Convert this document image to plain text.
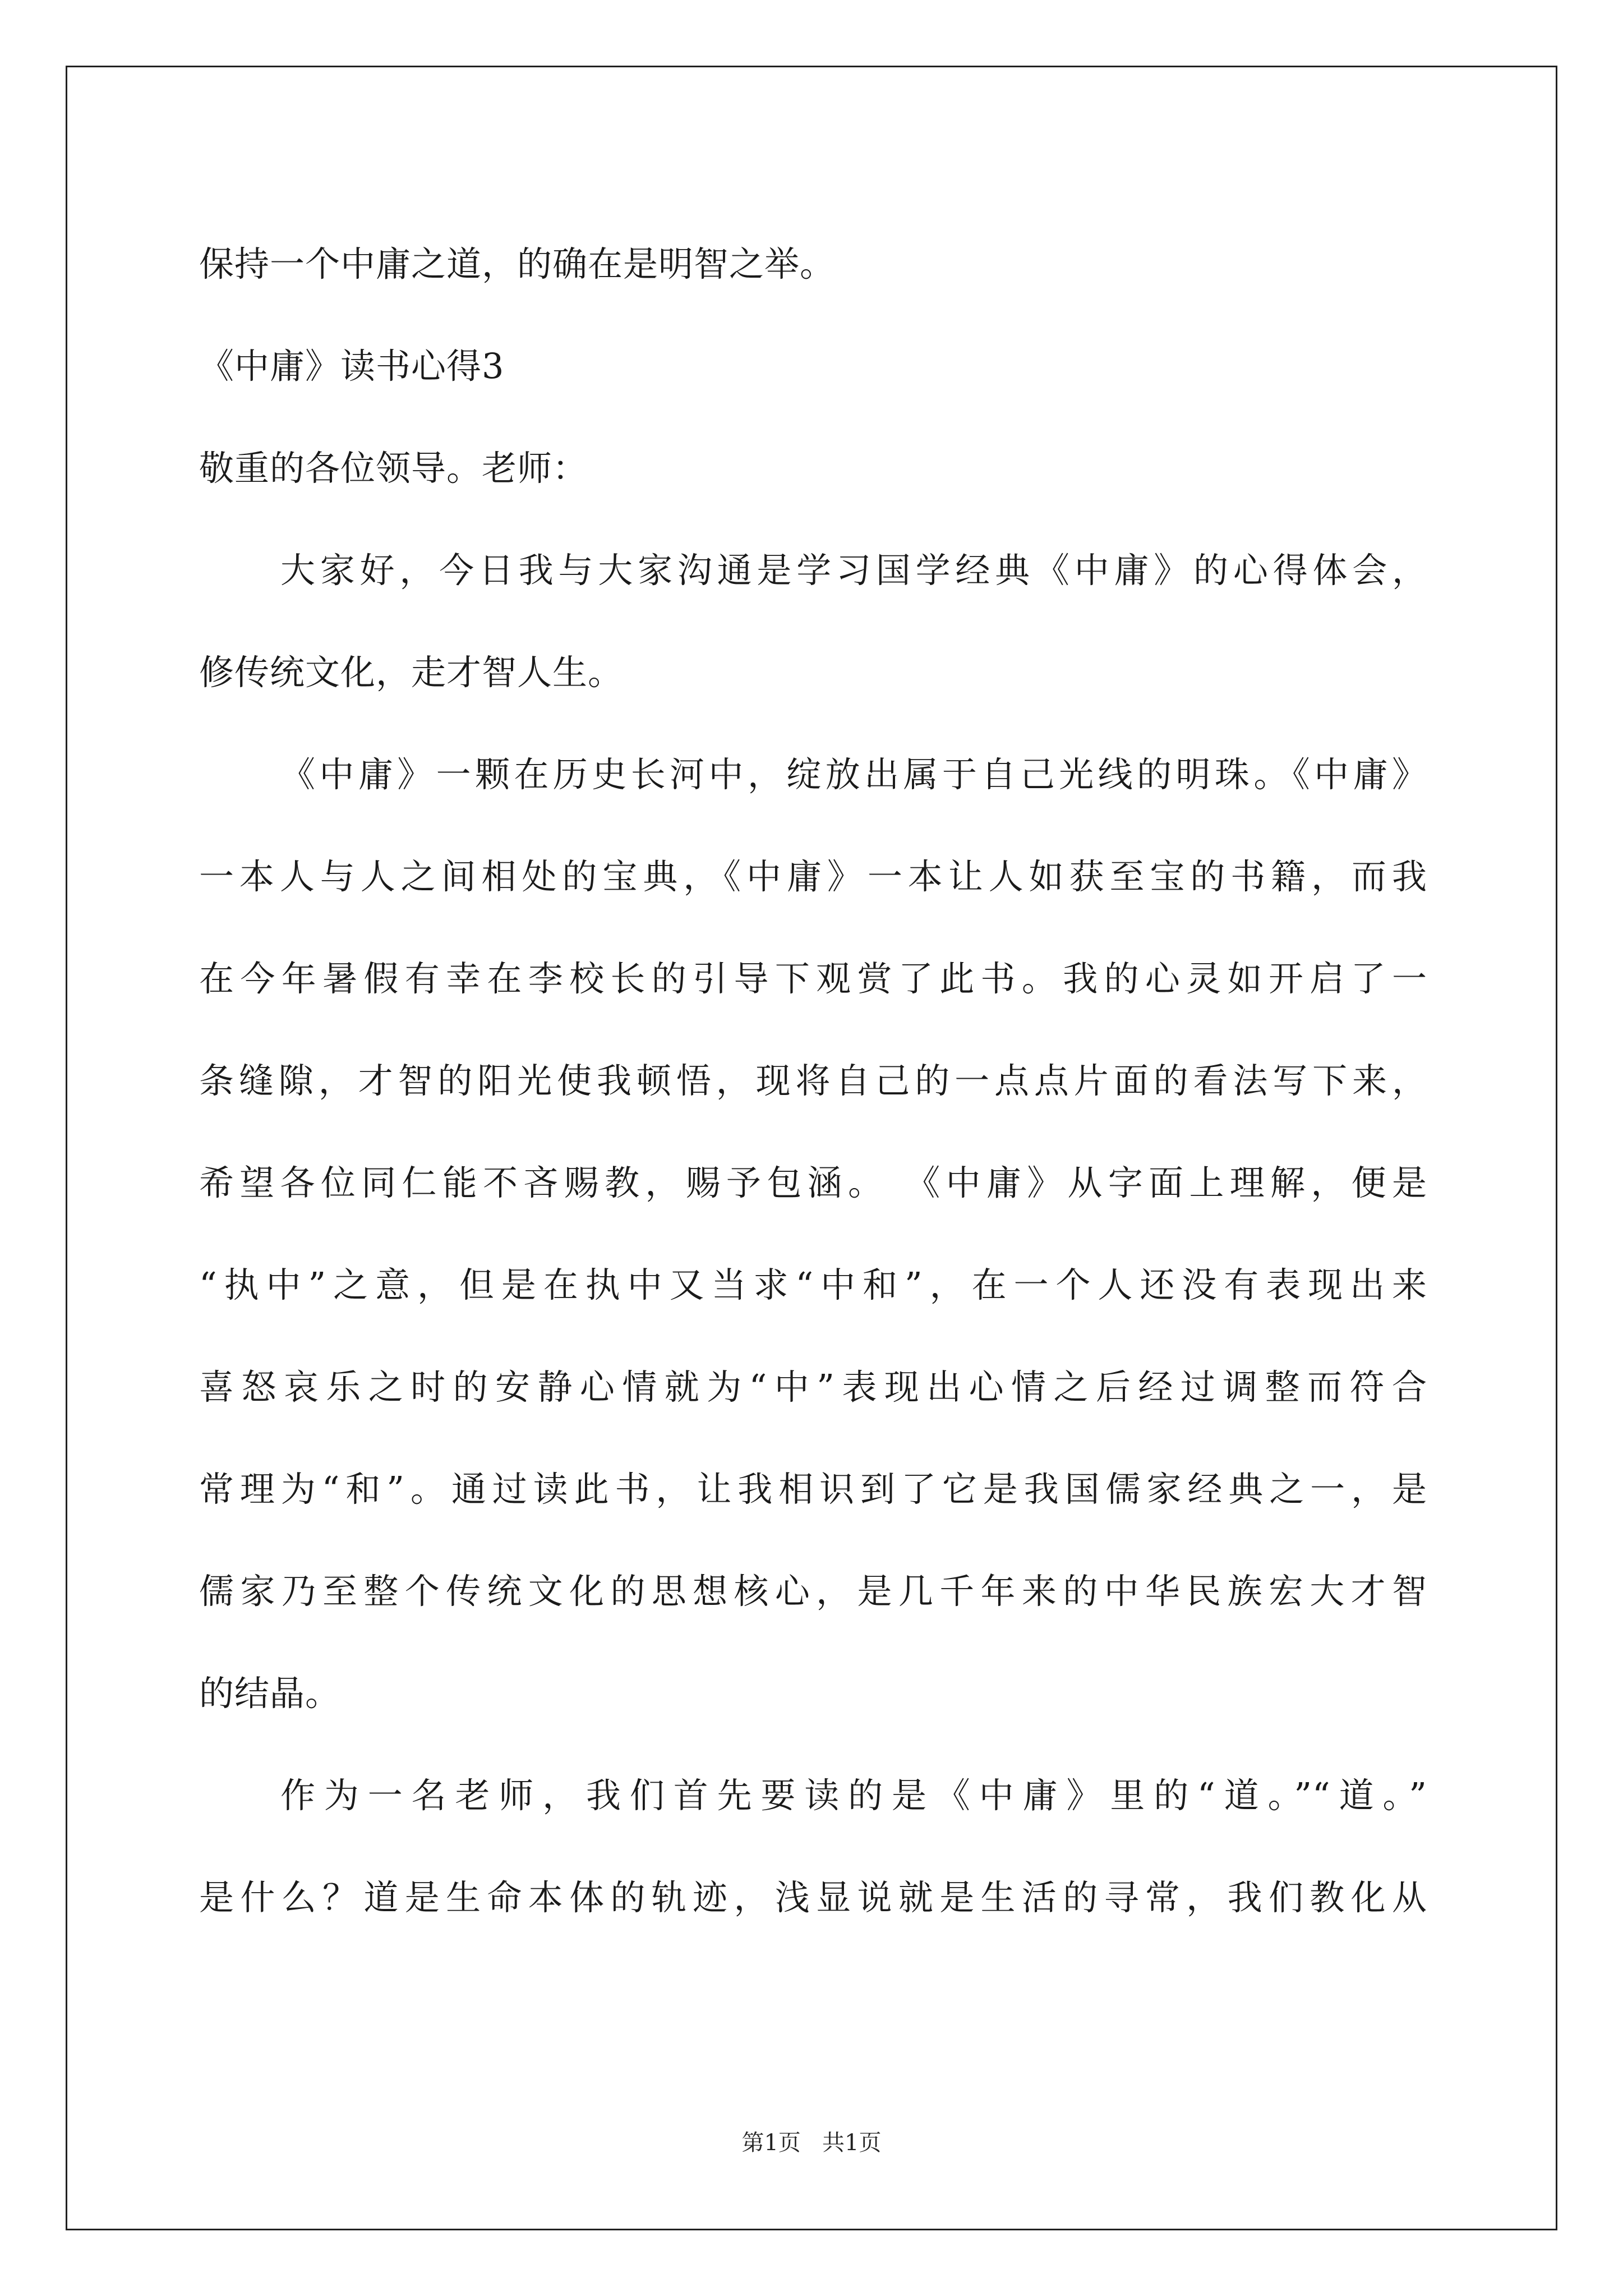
保持一个中庸之道，的确在是明智之举。
《中庸》读书心得3
敬重的各位领导。老师：
大家好，今日我与大家沟通是学习国学经典《中庸》的心得体会，
修传统文化，走才智人生。
《中庸》一颗在历史长河中，绽放出属于自己光线的明珠。《中庸》
一本人与人之间相处的宝典，《中庸》一本让人如获至宝的书籍，而我
在今年暑假有幸在李校长的引导下观赏了此书。我的心灵如开启了一
条缝隙，才智的阳光使我顿悟，现将自己的一点点片面的看法写下来，
希望各位同仁能不吝赐教，赐予包涵。 《中庸》从字面上理解，便是
“执中”之意，但是在执中又当求“中和”，在一个人还没有表现出来
喜怒哀乐之时的安静心情就为“中”表现出心情之后经过调整而符合
常理为“和”。通过读此书，让我相识到了它是我国儒家经典之一，是
儒家乃至整个传统文化的思想核心，是几千年来的中华民族宏大才智
的结晶。
作为一名老师，我们首先要读的是《中庸》里的“道。”“道。”
是什么？道是生命本体的轨迹，浅显说就是生活的寻常，我们教化从
第1页   共1页
